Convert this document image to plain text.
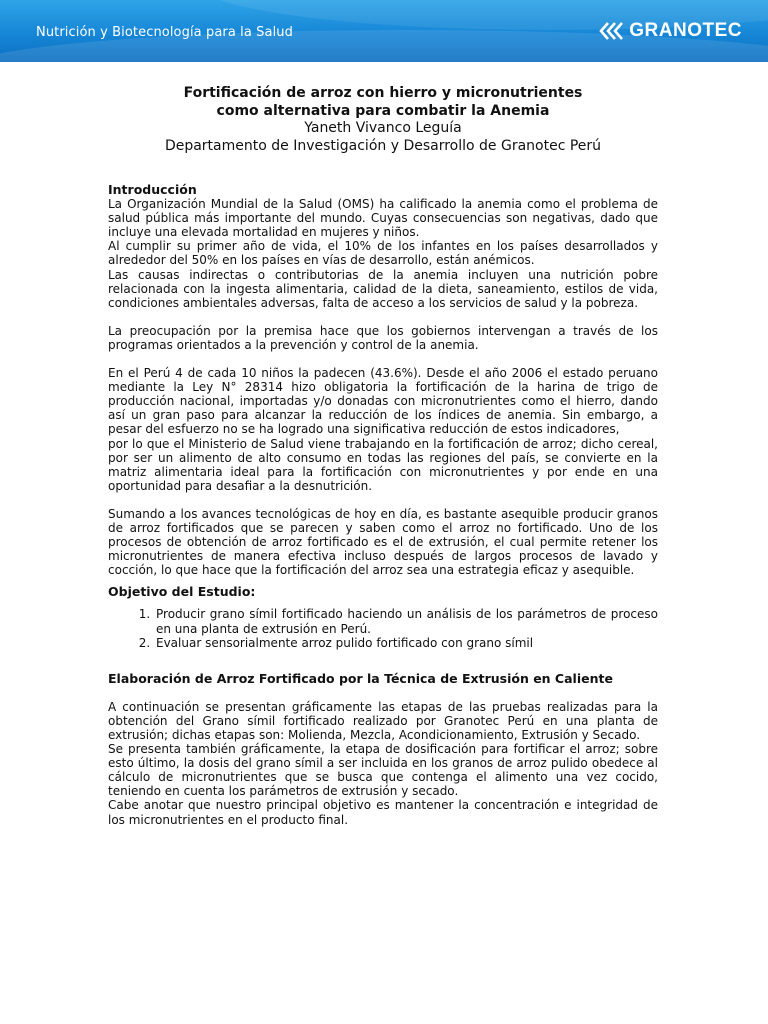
Nutrición y Biotecnología para la Salud	GRANOTEC
Fortificación de arroz con hierro y micronutrientes
como alternativa para combatir la Anemia
Yaneth Vivanco Leguía
Departamento de Investigación y Desarrollo de Granotec Perú
Introducción

La Organización Mundial de la Salud (OMS) ha calificado la anemia como el problema de salud pública más importante del mundo. Cuyas consecuencias son negativas, dado que incluye una elevada mortalidad en mujeres y niños.

Al cumplir su primer año de vida, el 10% de los infantes en los países desarrollados y alrededor del 50% en los países en vías de desarrollo, están anémicos.

Las causas indirectas o contributorias de la anemia incluyen una nutrición pobre relacionada con la ingesta alimentaria, calidad de la dieta, saneamiento, estilos de vida, condiciones ambientales adversas, falta de acceso a los servicios de salud y la pobreza.

La preocupación por la premisa hace que los gobiernos intervengan a través de los programas orientados a la prevención y control de la anemia.

En el Perú 4 de cada 10 niños la padecen (43.6%). Desde el año 2006 el estado peruano mediante la Ley N° 28314 hizo obligatoria la fortificación de la harina de trigo de producción nacional, importadas y/o donadas con micronutrientes como el hierro, dando así un gran paso para alcanzar la reducción de los índices de anemia. Sin embargo, a pesar del esfuerzo no se ha logrado una significativa reducción de estos indicadores,

por lo que el Ministerio de Salud viene trabajando en la fortificación de arroz; dicho cereal, por ser un alimento de alto consumo en todas las regiones del país, se convierte en la matriz alimentaria ideal para la fortificación con micronutrientes y por ende en una oportunidad para desafiar a la desnutrición.

Sumando a los avances tecnológicas de hoy en día, es bastante asequible producir granos de arroz fortificados que se parecen y saben como el arroz no fortificado. Uno de los procesos de obtención de arroz fortificado es el de extrusión, el cual permite retener los micronutrientes de manera efectiva incluso después de largos procesos de lavado y cocción, lo que hace que la fortificación del arroz sea una estrategia eficaz y asequible.

Objetivo del Estudio:
1. Producir grano símil fortificado haciendo un análisis de los parámetros de proceso en una planta de extrusión en Perú.
2. Evaluar sensorialmente arroz pulido fortificado con grano símil
Elaboración de Arroz Fortificado por la Técnica de Extrusión en Caliente

A continuación se presentan gráficamente las etapas de las pruebas realizadas para la obtención del Grano símil fortificado realizado por Granotec Perú en una planta de extrusión; dichas etapas son: Molienda, Mezcla, Acondicionamiento, Extrusión y Secado.

Se presenta también gráficamente, la etapa de dosificación para fortificar el arroz; sobre esto último, la dosis del grano símil a ser incluida en los granos de arroz pulido obedece al cálculo de micronutrientes que se busca que contenga el alimento una vez cocido, teniendo en cuenta los parámetros de extrusión y secado.

Cabe anotar que nuestro principal objetivo es mantener la concentración e integridad de los micronutrientes en el producto final.
